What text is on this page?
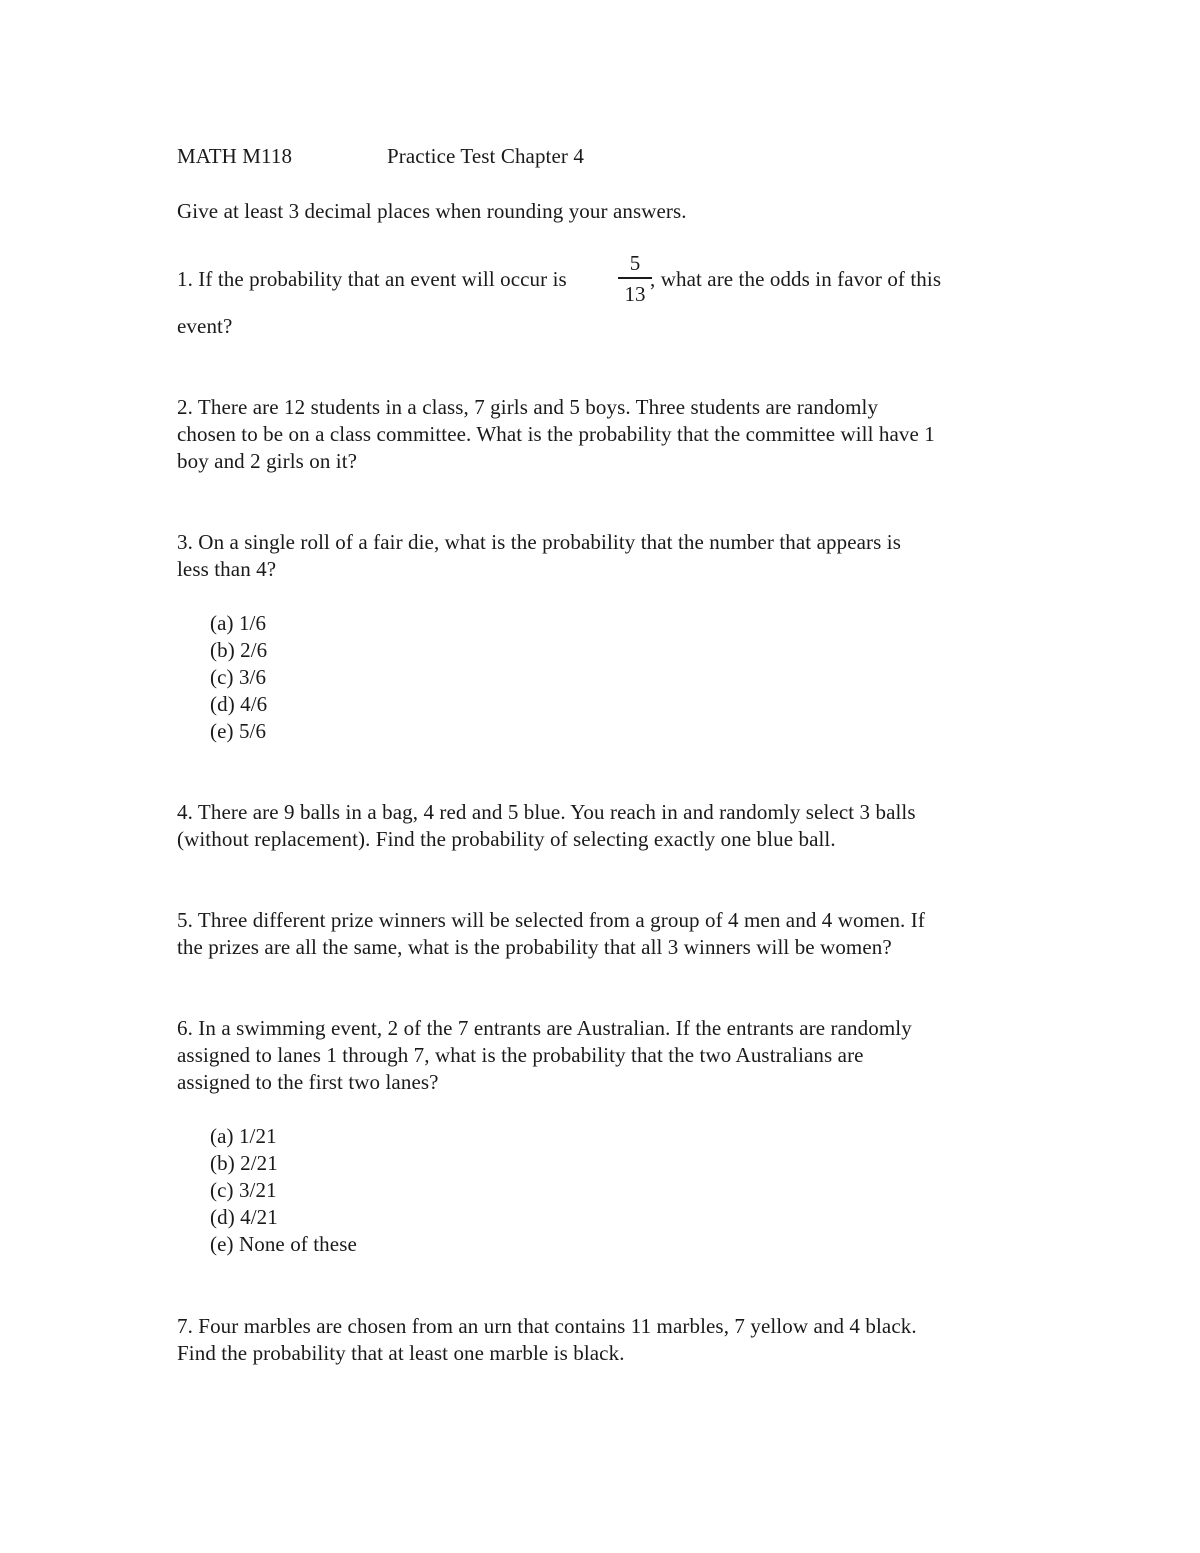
MATH M118	Practice Test Chapter 4
Give at least 3 decimal places when rounding your answers.
1. If the probability that an event will occur is
5
13
, what are the odds in favor of this
event?
2. There are 12 students in a class, 7 girls and 5 boys. Three students are randomly
chosen to be on a class committee. What is the probability that the committee will have 1
boy and 2 girls on it?
3. On a single roll of a fair die, what is the probability that the number that appears is
less than 4?
(a) 1/6
(b) 2/6
(c) 3/6
(d) 4/6
(e) 5/6
4. There are 9 balls in a bag, 4 red and 5 blue. You reach in and randomly select 3 balls
(without replacement). Find the probability of selecting exactly one blue ball.
5. Three different prize winners will be selected from a group of 4 men and 4 women. If
the prizes are all the same, what is the probability that all 3 winners will be women?
6. In a swimming event, 2 of the 7 entrants are Australian. If the entrants are randomly
assigned to lanes 1 through 7, what is the probability that the two Australians are
assigned to the first two lanes?
(a) 1/21
(b) 2/21
(c) 3/21
(d) 4/21
(e) None of these
7. Four marbles are chosen from an urn that contains 11 marbles, 7 yellow and 4 black.
Find the probability that at least one marble is black.
